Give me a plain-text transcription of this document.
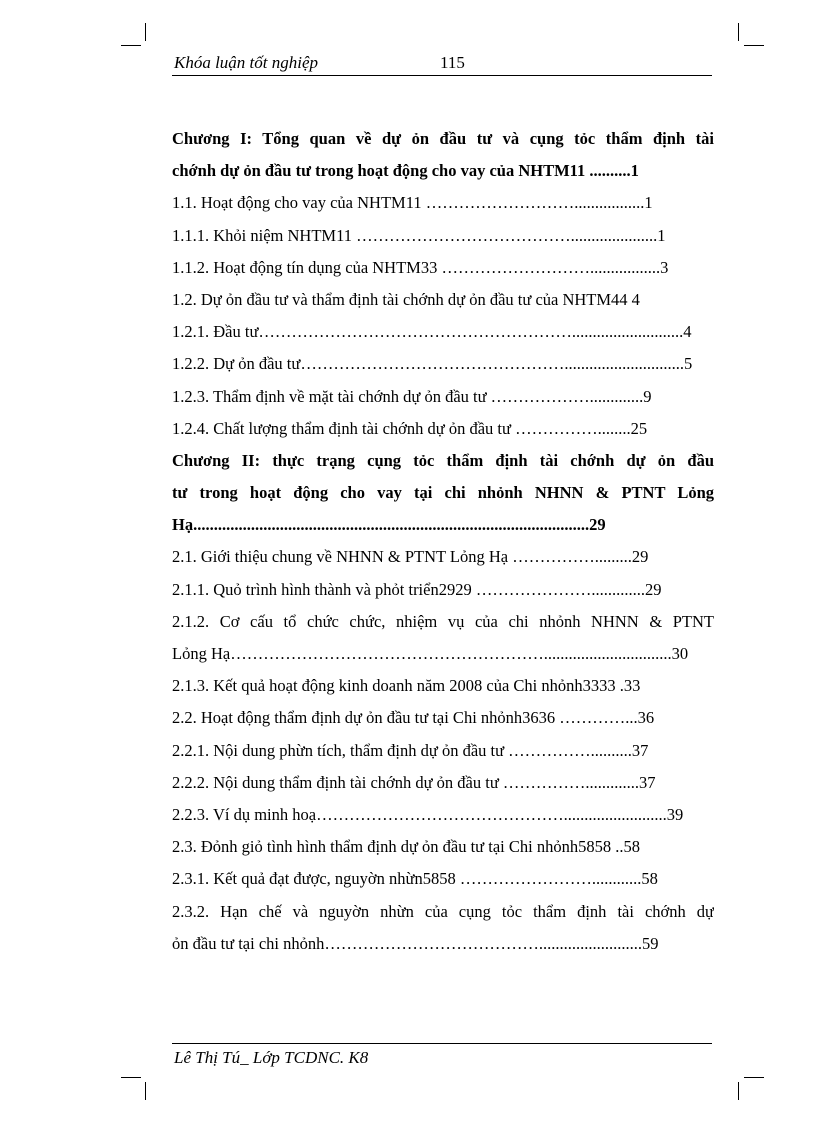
Khóa luận tốt nghiệp	115
Chương I: Tổng quan về dự ỏn đầu tư và cụng tỏc thẩm định tài
chớnh dự ỏn đầu tư trong hoạt động cho vay của NHTM11 ..........1
1.1. Hoạt động cho vay của NHTM11 ……………………….................1
1.1.1. Khỏi niệm NHTM11 ………………………………….....................1
1.1.2. Hoạt động tín dụng của NHTM33 ……………………….................3
1.2. Dự ỏn đầu tư và thẩm định tài chớnh dự ỏn đầu tư của NHTM44 4
1.2.1. Đầu tư…………………………………………………...........................4
1.2.2. Dự ỏn đầu tư………………………………………….............................5
1.2.3. Thẩm định về mặt tài chớnh dự ỏn đầu tư ……………….............9
1.2.4. Chất lượng thẩm định tài chớnh dự ỏn đầu tư ……………........25
Chương II: thực trạng cụng tỏc thẩm định tài chớnh dự ỏn đầu
tư trong hoạt động cho vay tại chi nhỏnh NHNN & PTNT Lỏng
Hạ................................................................................................29
2.1. Giới thiệu chung về NHNN & PTNT Lỏng Hạ …………….........29
2.1.1. Quỏ trình hình thành và phỏt triển2929 ………………….............29
2.1.2. Cơ cấu tổ chức chức, nhiệm vụ của chi nhỏnh NHNN & PTNT
Lỏng Hạ…………………………………………………...............................30
2.1.3. Kết quả hoạt động kinh doanh năm 2008 của Chi nhỏnh3333 .33
2.2. Hoạt động thẩm định dự ỏn đầu tư tại Chi nhỏnh3636 …………...36
2.2.1. Nội dung phừn tích, thẩm định dự ỏn đầu tư ……………..........37
2.2.2. Nội dung thẩm định tài chớnh dự ỏn đầu tư …………….............37
2.2.3. Ví dụ minh hoạ……………………………………….........................39
2.3. Đỏnh giỏ tình hình thẩm định dự ỏn đầu tư tại Chi nhỏnh5858 ..58
2.3.1. Kết quả đạt được, nguyờn nhừn5858 ……………………............58
2.3.2. Hạn chế và nguyờn nhừn của cụng tỏc thẩm định tài chớnh dự
ỏn đầu tư tại chi nhỏnh………………………………….........................59
Lê Thị Tú_ Lớp TCDNC. K8
